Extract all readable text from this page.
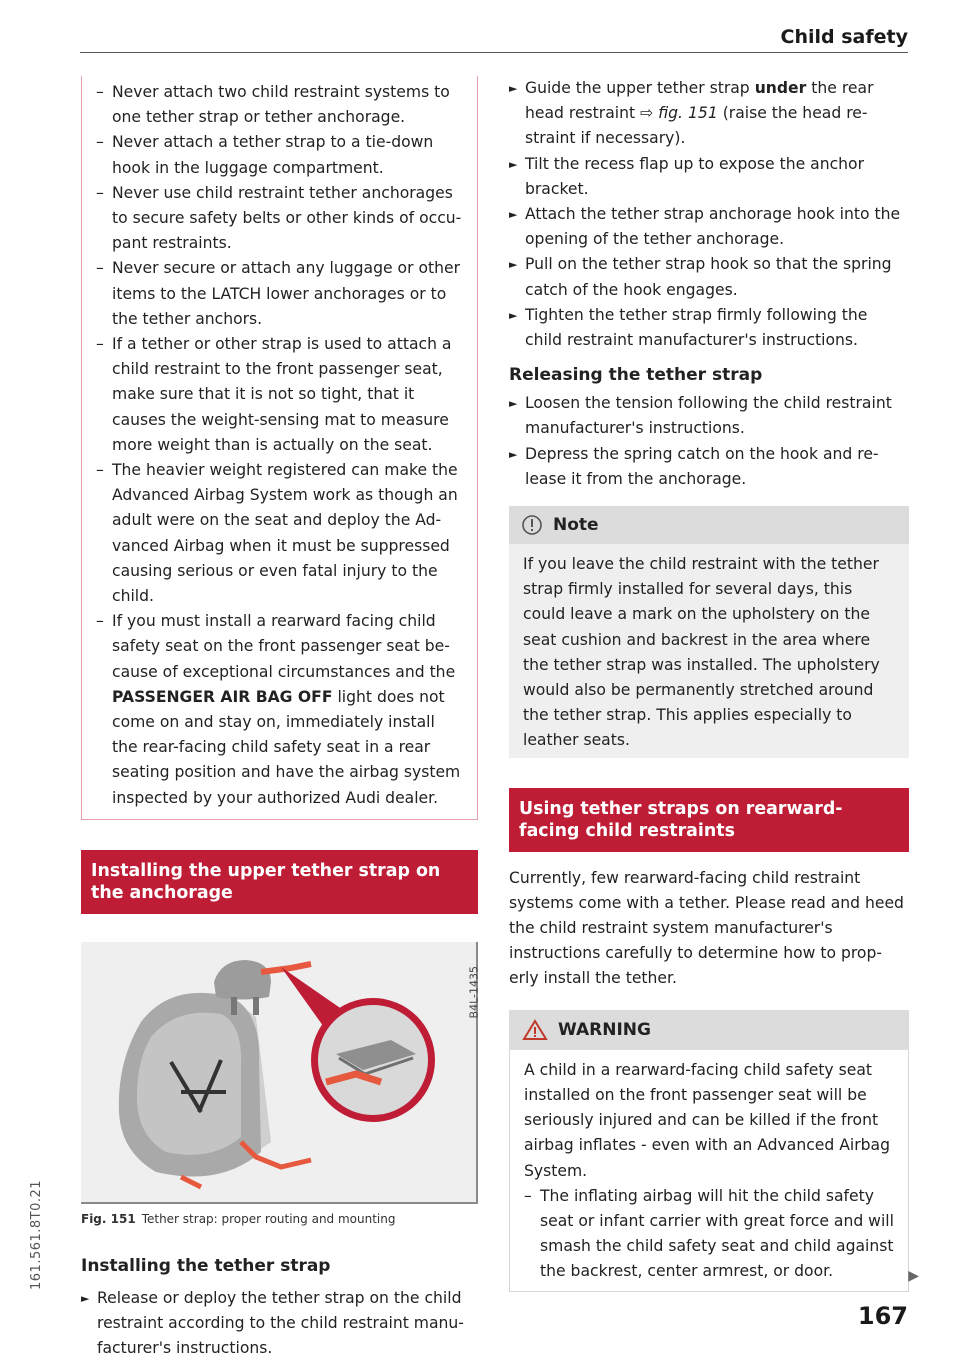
Child safety
161.561.8T0.21
– Never attach two child restraint systems to one tether strap or tether anchorage.
– Never attach a tether strap to a tie-down hook in the luggage compartment.
– Never use child restraint tether anchorages to secure safety belts or other kinds of occu-pant restraints.
– Never secure or attach any luggage or other items to the LATCH lower anchorages or to the tether anchors.
– If a tether or other strap is used to attach a child restraint to the front passenger seat, make sure that it is not so tight, that it causes the weight-sensing mat to measure more weight than is actually on the seat.
– The heavier weight registered can make the Advanced Airbag System work as though an adult were on the seat and deploy the Ad-vanced Airbag when it must be suppressed causing serious or even fatal injury to the child.
– If you must install a rearward facing child safety seat on the front passenger seat be-cause of exceptional circumstances and the PASSENGER AIR BAG OFF light does not come on and stay on, immediately install the rear-facing child safety seat in a rear seating position and have the airbag system inspected by your authorized Audi dealer.
Installing the upper tether strap on the anchorage
B4L-1435
Fig. 151 Tether strap: proper routing and mounting
Installing the tether strap
► Release or deploy the tether strap on the child restraint according to the child restraint manu-facturer's instructions.
► Guide the upper tether strap under the rear head restraint ⇨ fig. 151 (raise the head re-straint if necessary).
► Tilt the recess flap up to expose the anchor bracket.
► Attach the tether strap anchorage hook into the opening of the tether anchorage.
► Pull on the tether strap hook so that the spring catch of the hook engages.
► Tighten the tether strap firmly following the child restraint manufacturer's instructions.
Releasing the tether strap
► Loosen the tension following the child restraint manufacturer's instructions.
► Depress the spring catch on the hook and re-lease it from the anchorage.
Note
If you leave the child restraint with the tether strap firmly installed for several days, this could leave a mark on the upholstery on the seat cushion and backrest in the area where the tether strap was installed. The upholstery would also be permanently stretched around the tether strap. This applies especially to leather seats.
Using tether straps on rearward-facing child restraints
Currently, few rearward-facing child restraint systems come with a tether. Please read and heed the child restraint system manufacturer's instructions carefully to determine how to prop-erly install the tether.
WARNING
A child in a rearward-facing child safety seat installed on the front passenger seat will be seriously injured and can be killed if the front airbag inflates - even with an Advanced Airbag System.
– The inflating airbag will hit the child safety seat or infant carrier with great force and will smash the child safety seat and child against the backrest, center armrest, or door.	▶
167
